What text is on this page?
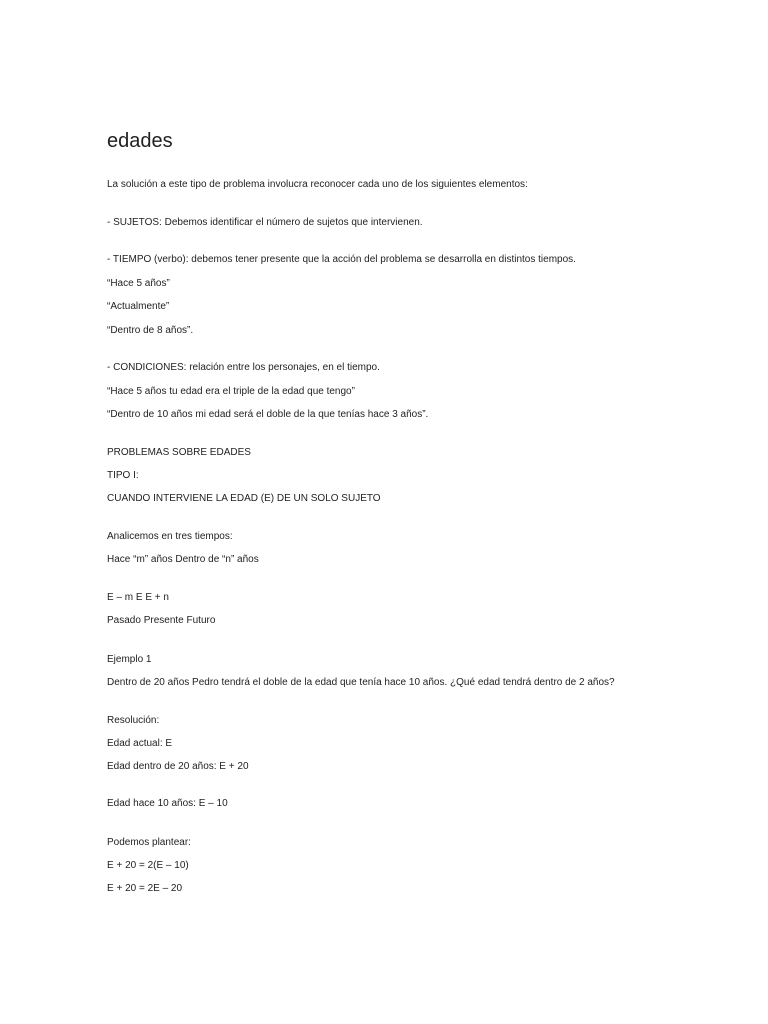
edades
La solución a este tipo de problema involucra reconocer cada uno de los siguientes elementos:
- SUJETOS: Debemos identificar el número de sujetos que intervienen.
- TIEMPO (verbo): debemos tener presente que la acción del problema se desarrolla en distintos tiempos.
“Hace 5 años”
“Actualmente”
“Dentro de 8 años”.
- CONDICIONES: relación entre los personajes, en el tiempo.
“Hace 5 años tu edad era el triple de la edad que tengo”
“Dentro de 10 años mi edad será el doble de la que tenías hace 3 años”.
PROBLEMAS SOBRE EDADES
TIPO I:
CUANDO INTERVIENE LA EDAD (E) DE UN SOLO SUJETO
Analicemos en tres tiempos:
Hace “m” años Dentro de “n” años
E – m E E + n
Pasado Presente Futuro
Ejemplo 1
Dentro de 20 años Pedro tendrá el doble de la edad que tenía hace 10 años. ¿Qué edad tendrá dentro de 2 años?
Resolución:
Edad actual: E
Edad dentro de 20 años: E + 20
Edad hace 10 años: E – 10
Podemos plantear:
E + 20 = 2(E – 10)
E + 20 = 2E – 20
